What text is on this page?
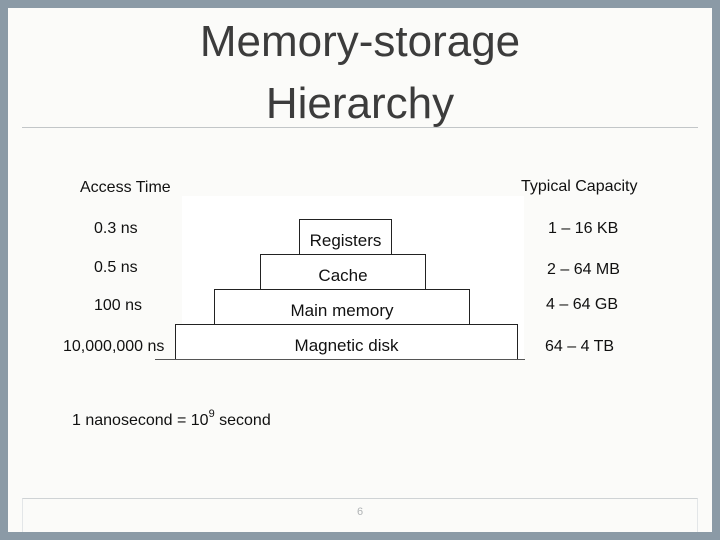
Memory-storage
Hierarchy
Access Time	Typical Capacity
Registers
Cache
Main memory
Magnetic disk
0.3 ns
0.5 ns
100 ns
10,000,000 ns
1 – 16 KB
2 – 64 MB
4 – 64 GB
64 – 4 TB
1 nanosecond = $10^9$ second
6
